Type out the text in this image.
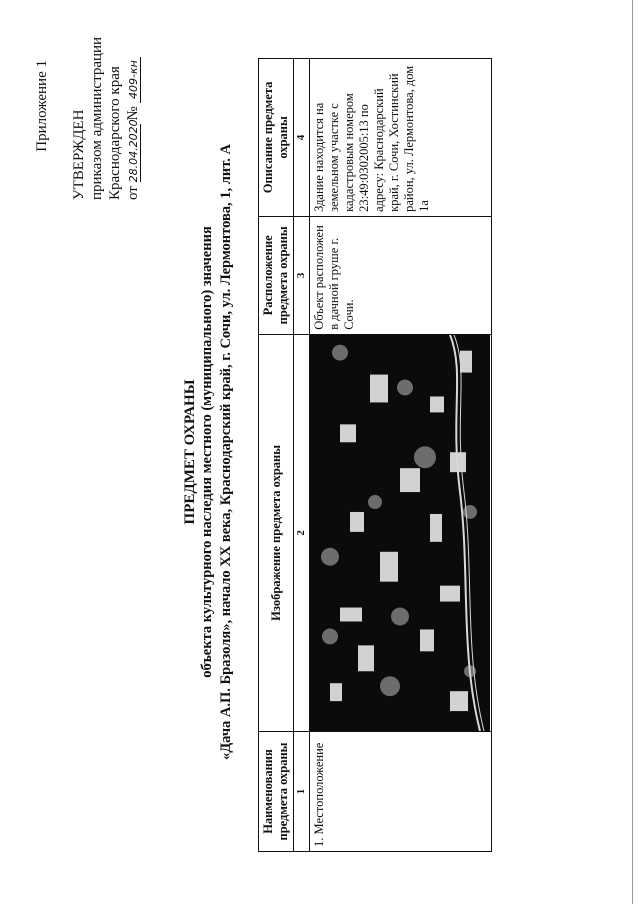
Приложение 1
УТВЕРЖДЕН приказом администрации Краснодарского края от 28.04.2020 № 409-кн
ПРЕДМЕТ ОХРАНЫ объекта культурного наследия местного (муниципального) значения «Дача А.П. Бразоля», начало XX века, Краснодарский край, г. Сочи, ул. Лермонтова, 1, лит. А
Наименования предмета охраны	Изображение предмета охраны	Расположение предмета охраны	Описание предмета охраны
1	2	3	4
1. Местоположение		Объект расположен в дачной груше г. Сочи.	Здание находится на земельном участке с кадастровым номером 23:49:0302005:13 по адресу: Краснодарский край, г. Сочи, Хостинский район, ул. Лермонтова, дом 1а
